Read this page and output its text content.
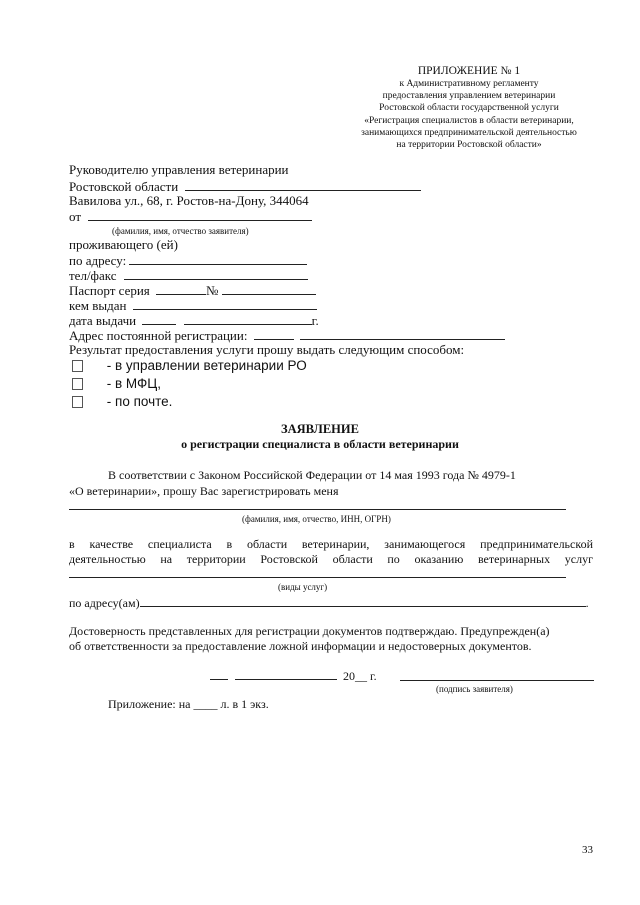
ПРИЛОЖЕНИЕ № 1
к Административному регламенту
предоставления управлением ветеринарии
Ростовской области государственной услуги
«Регистрация специалистов в области ветеринарии,
занимающихся предпринимательской деятельностью
на территории Ростовской области»
Руководителю управления ветеринарии
Ростовской области
Вавилова ул., 68, г. Ростов-на-Дону, 344064
от
(фамилия, имя, отчество заявителя)
проживающего (ей)
по адресу:
тел/факс
Паспорт серия	№
кем выдан
дата выдачи	г.
Адрес постоянной регистрации:
Результат предоставления услуги прошу выдать следующим способом:
- в управлении ветеринарии РО
- в МФЦ,
- по почте.
ЗАЯВЛЕНИЕ
о регистрации специалиста в области ветеринарии
В соответствии с Законом Российской Федерации от 14 мая 1993 года № 4979-1
«О ветеринарии», прошу Вас зарегистрировать меня
(фамилия, имя, отчество, ИНН, ОГРН)
в качестве специалиста в области ветеринарии, занимающегося предпринимательской
деятельностью на территории Ростовской области по оказанию ветеринарных услуг
(виды услуг)
по адресу(ам)	.
Достоверность представленных для регистрации документов подтверждаю. Предупрежден(а)
об ответственности за предоставление ложной информации и недостоверных документов.
20__ г.
(подпись заявителя)
Приложение: на ____ л. в 1 экз.
33
